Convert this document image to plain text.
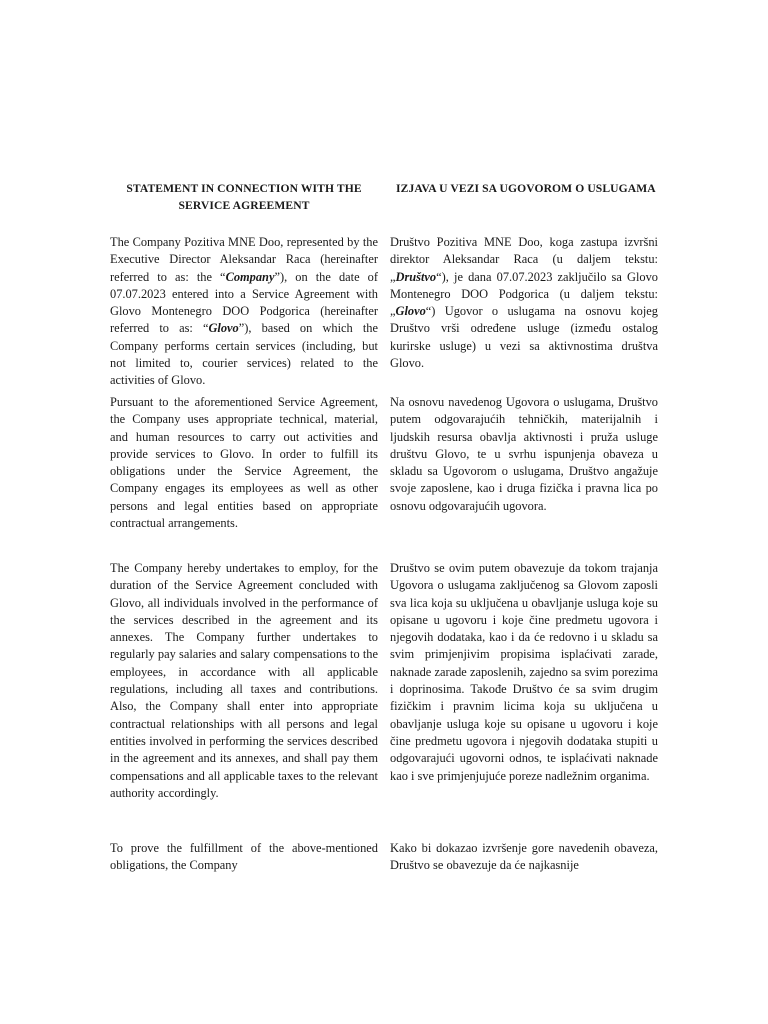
STATEMENT IN CONNECTION WITH THE SERVICE AGREEMENT

The Company Pozitiva MNE Doo, represented by the Executive Director Aleksandar Raca (hereinafter referred to as: the “Company”), on the date of 07.07.2023 entered into a Service Agreement with Glovo Montenegro DOO Podgorica (hereinafter referred to as: “Glovo”), based on which the Company performs certain services (including, but not limited to, courier services) related to the activities of Glovo.

Pursuant to the aforementioned Service Agreement, the Company uses appropriate technical, material, and human resources to carry out activities and provide services to Glovo. In order to fulfill its obligations under the Service Agreement, the Company engages its employees as well as other persons and legal entities based on appropriate contractual arrangements.

The Company hereby undertakes to employ, for the duration of the Service Agreement concluded with Glovo, all individuals involved in the performance of the services described in the agreement and its annexes. The Company further undertakes to regularly pay salaries and salary compensations to the employees, in accordance with all applicable regulations, including all taxes and contributions. Also, the Company shall enter into appropriate contractual relationships with all persons and legal entities involved in performing the services described in the agreement and its annexes, and shall pay them compensations and all applicable taxes to the relevant authority accordingly.

To prove the fulfillment of the above-mentioned obligations, the Company

IZJAVA U VEZI SA UGOVOROM O USLUGAMA

Društvo Pozitiva MNE Doo, koga zastupa izvršni direktor Aleksandar Raca (u daljem tekstu: „Društvo“), je dana 07.07.2023 zaključilo sa Glovo Montenegro DOO Podgorica (u daljem tekstu: „Glovo“) Ugovor o uslugama na osnovu kojeg Društvo vrši određene usluge (između ostalog kurirske usluge) u vezi sa aktivnostima društva Glovo.

Na osnovu navedenog Ugovora o uslugama, Društvo putem odgovarajućih tehničkih, materijalnih i ljudskih resursa obavlja aktivnosti i pruža usluge društvu Glovo, te u svrhu ispunjenja obaveza u skladu sa Ugovorom o uslugama, Društvo angažuje svoje zaposlene, kao i druga fizička i pravna lica po osnovu odgovarajućih ugovora.

Društvo se ovim putem obavezuje da tokom trajanja Ugovora o uslugama zaključenog sa Glovom zaposli sva lica koja su uključena u obavljanje usluga koje su opisane u ugovoru i koje čine predmetu ugovora i njegovih dodataka, kao i da će redovno i u skladu sa svim primjenjivim propisima isplaćivati zarade, naknade zarade zaposlenih, zajedno sa svim porezima i doprinosima. Takođe Društvo će sa svim drugim fizičkim i pravnim licima koja su uključena u obavljanje usluga koje su opisane u ugovoru i koje čine predmetu ugovora i njegovih dodataka stupiti u odgovarajući ugovorni odnos, te isplaćivati naknade kao i sve primjenjujuće poreze nadležnim organima.

Kako bi dokazao izvršenje gore navedenih obaveza, Društvo se obavezuje da će najkasnije
